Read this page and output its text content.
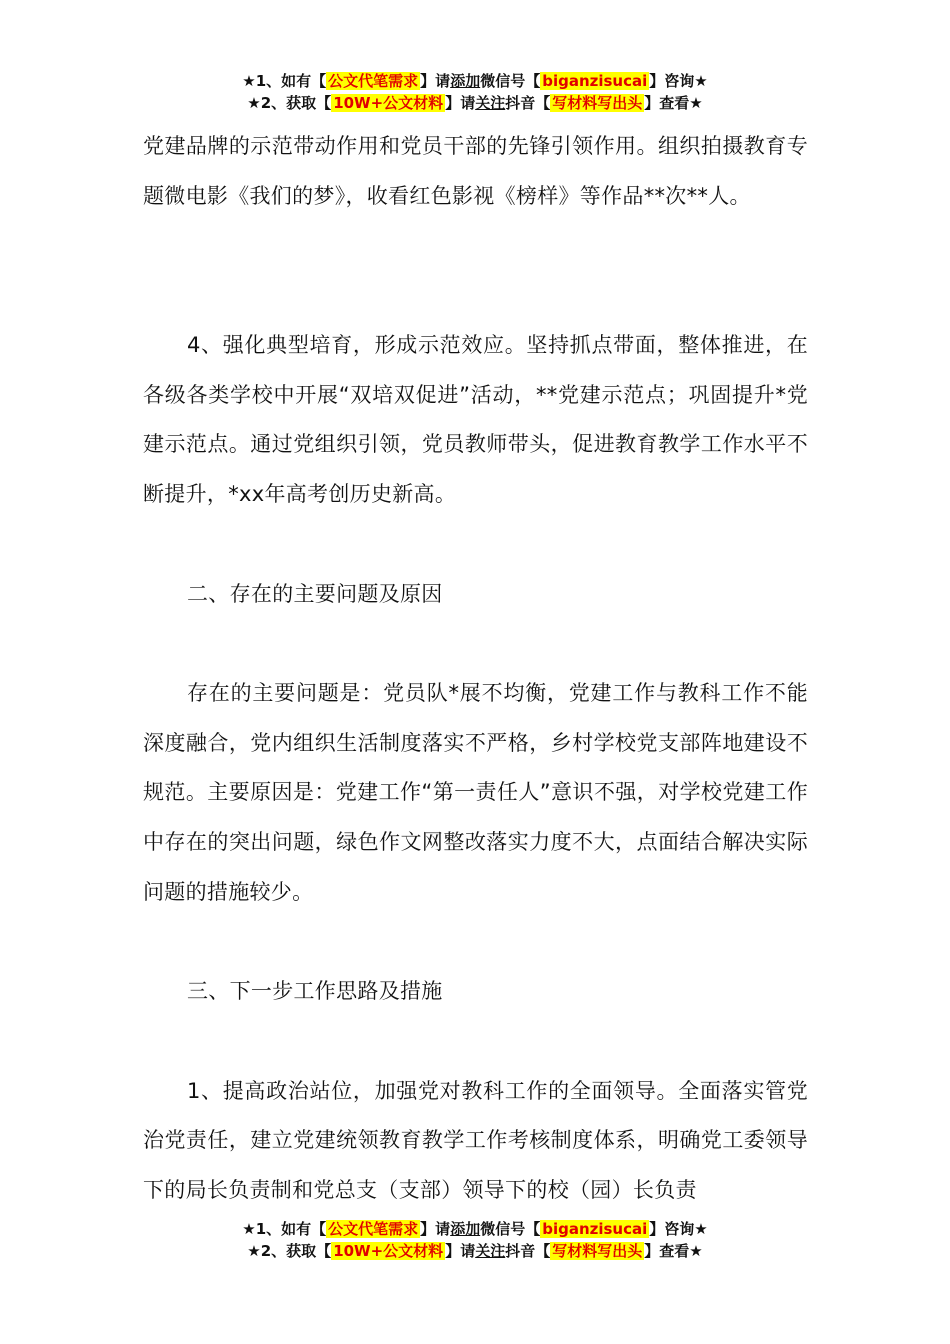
★1、如有【 公文代笔需求 】请添加微信号【 biganzisucai 】咨询★
★2、获取【 10W+公文材料 】请关注抖音【 写材料写出头 】查看★

党建品牌的示范带动作用和党员干部的先锋引领作用。组织拍摄教育专题微电影《我们的梦》，收看红色影视《榜样》等作品**次**人。

4、强化典型培育，形成示范效应。坚持抓点带面，整体推进，在各级各类学校中开展“双培双促进”活动，**党建示范点；巩固提升*党建示范点。通过党组织引领，党员教师带头，促进教育教学工作水平不断提升，*xx年高考创历史新高。

二、存在的主要问题及原因

存在的主要问题是：党员队*展不均衡，党建工作与教科工作不能深度融合，党内组织生活制度落实不严格，乡村学校党支部阵地建设不规范。主要原因是：党建工作“第一责任人”意识不强，对学校党建工作中存在的突出问题，绿色作文网整改落实力度不大，点面结合解决实际问题的措施较少。

三、下一步工作思路及措施

1、提高政治站位，加强党对教科工作的全面领导。全面落实管党治党责任，建立党建统领教育教学工作考核制度体系，明确党工委领导下的局长负责制和党总支（支部）领导下的校（园）长负责

★1、如有【 公文代笔需求 】请添加微信号【 biganzisucai 】咨询★
★2、获取【 10W+公文材料 】请关注抖音【 写材料写出头 】查看★
